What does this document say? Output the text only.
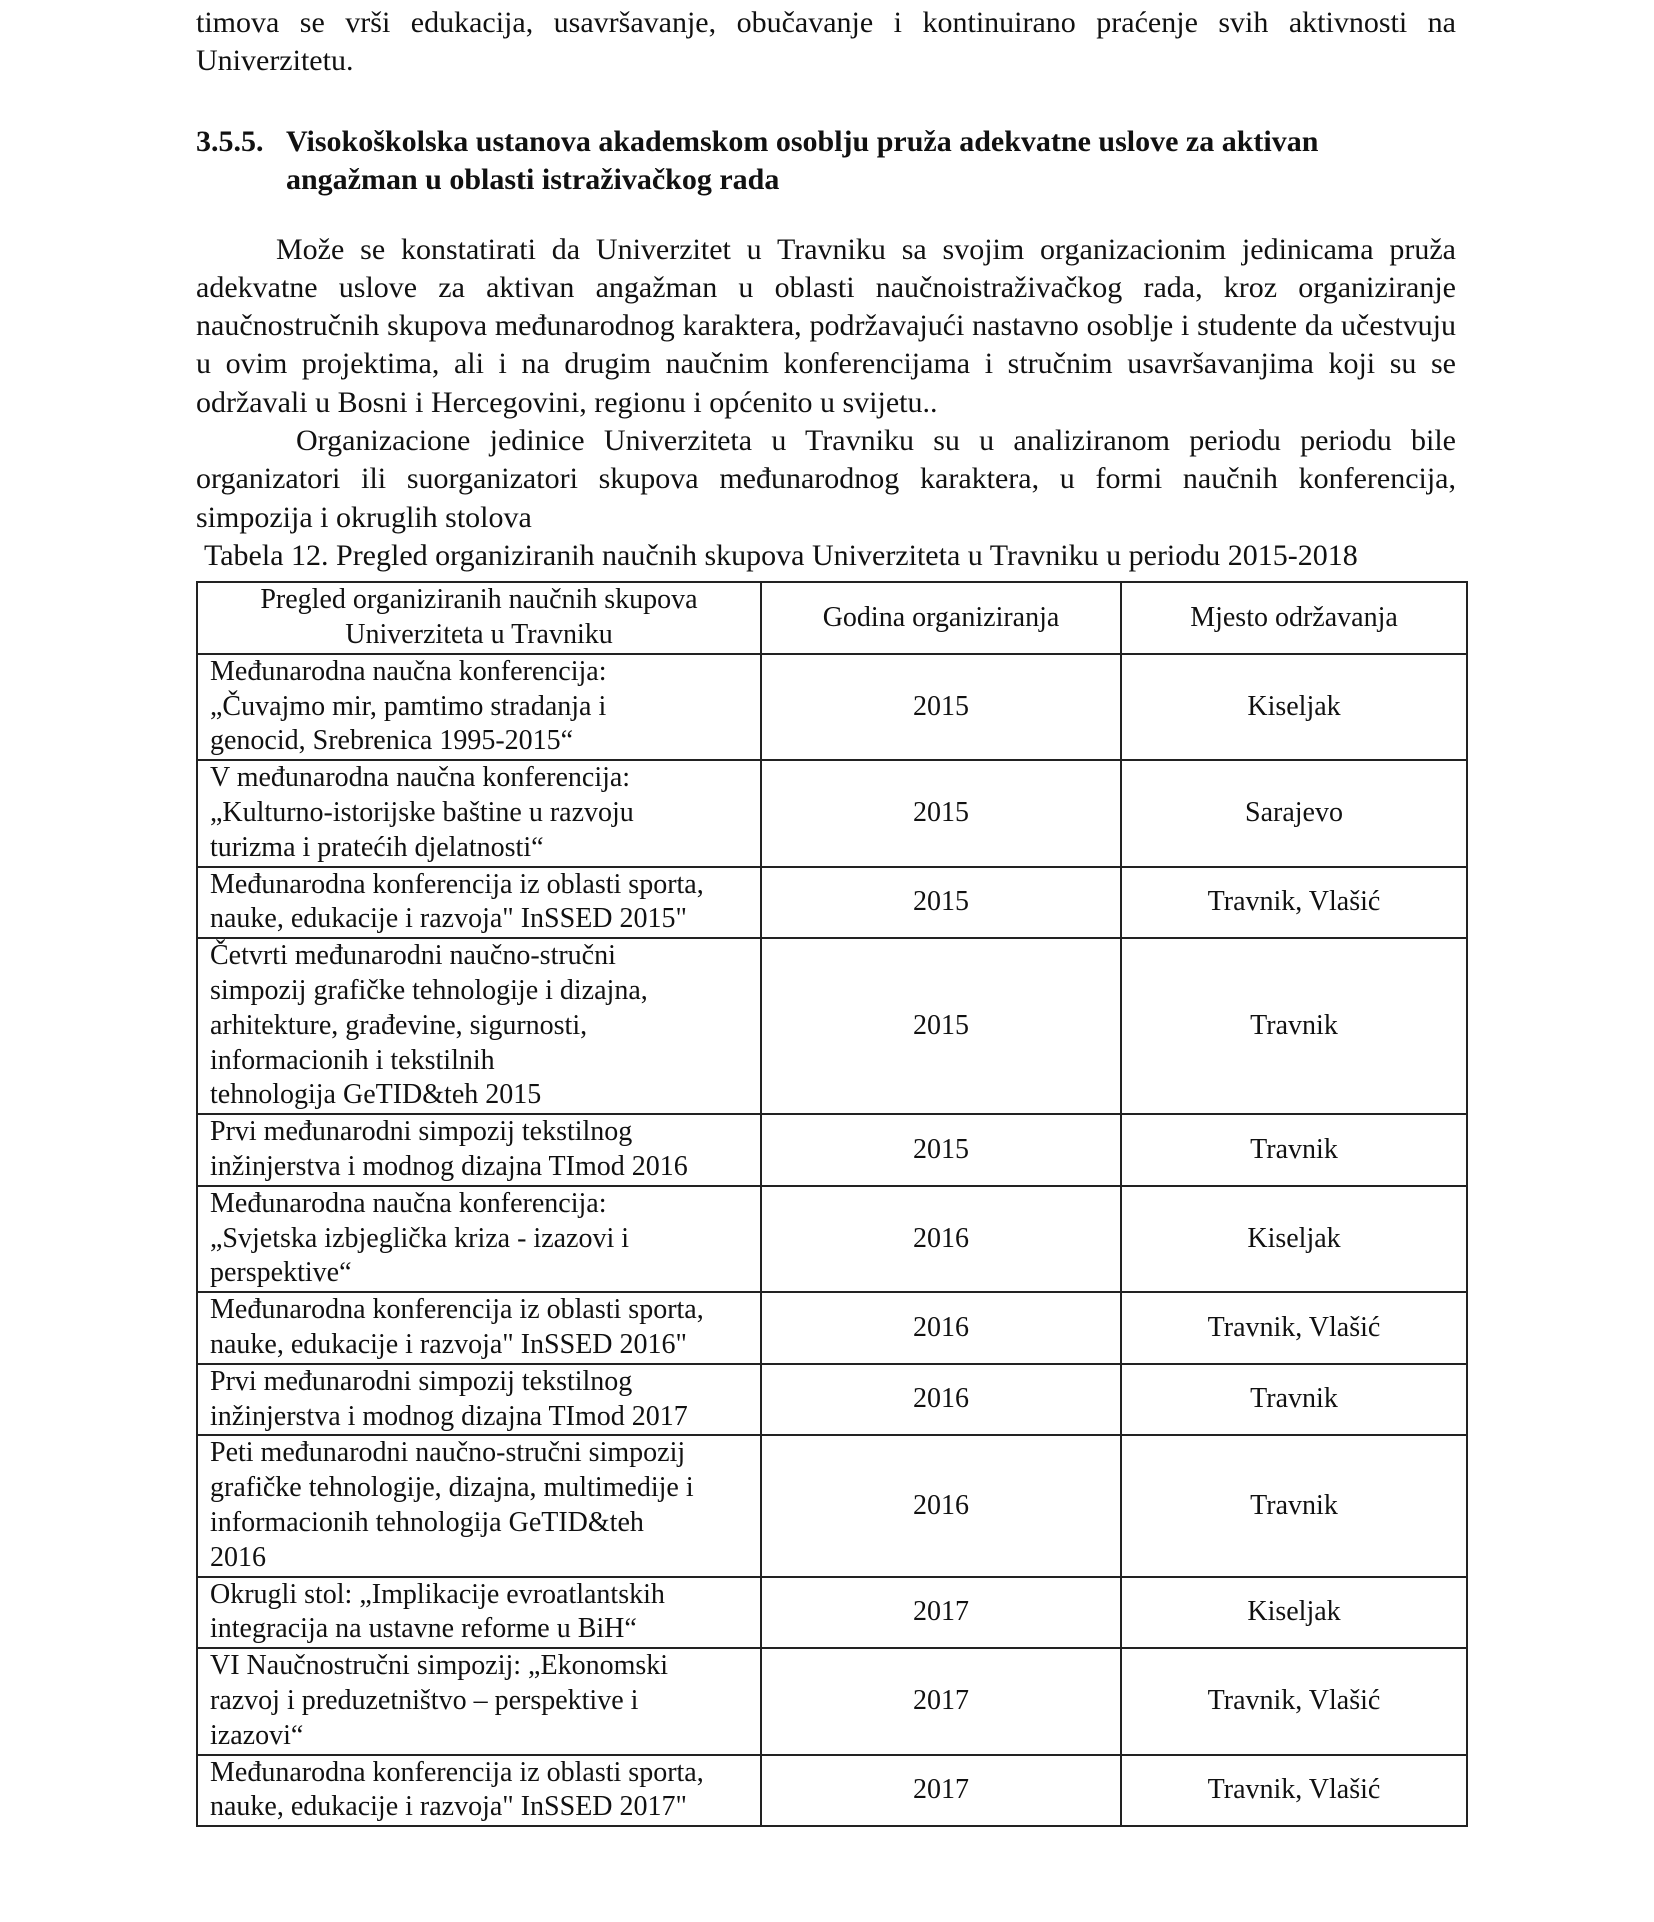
timova se vrši edukacija, usavršavanje, obučavanje i kontinuirano praćenje svih aktivnosti na Univerzitetu.

3.5.5. Visokoškolska ustanova akademskom osoblju pruža adekvatne uslove za aktivan angažman u oblasti istraživačkog rada

Može se konstatirati da Univerzitet u Travniku sa svojim organizacionim jedinicama pruža adekvatne uslove za aktivan angažman u oblasti naučnoistraživačkog rada, kroz organiziranje naučnostručnih skupova međunarodnog karaktera, podržavajući nastavno osoblje i studente da učestvuju u ovim projektima, ali i na drugim naučnim konferencijama i stručnim usavršavanjima koji su se održavali u Bosni i Hercegovini, regionu i općenito u svijetu..

Organizacione jedinice Univerziteta u Travniku su u analiziranom periodu periodu bile organizatori ili suorganizatori skupova međunarodnog karaktera, u formi naučnih konferencija, simpozija i okruglih stolova

Tabela 12. Pregled organiziranih naučnih skupova Univerziteta u Travniku u periodu 2015-2018

Pregled organiziranih naučnih skupova Univerziteta u Travniku	Godina organiziranja	Mjesto održavanja

Međunarodna naučna konferencija:
„Čuvajmo mir, pamtimo stradanja i
genocid, Srebrenica 1995-2015“	2015	Kiseljak

V međunarodna naučna konferencija:
„Kulturno-istorijske baštine u razvoju
turizma i pratećih djelatnosti“	2015	Sarajevo

Međunarodna konferencija iz oblasti sporta,
nauke, edukacije i razvoja" InSSED 2015"	2015	Travnik, Vlašić

Četvrti međunarodni naučno-stručni
simpozij grafičke tehnologije i dizajna,
arhitekture, građevine, sigurnosti,
informacionih i tekstilnih
tehnologija GeTID&teh 2015	2015	Travnik

Prvi međunarodni simpozij tekstilnog
inžinjerstva i modnog dizajna TImod 2016	2015	Travnik

Međunarodna naučna konferencija:
„Svjetska izbjeglička kriza - izazovi i
perspektive“	2016	Kiseljak

Međunarodna konferencija iz oblasti sporta,
nauke, edukacije i razvoja" InSSED 2016"	2016	Travnik, Vlašić

Prvi međunarodni simpozij tekstilnog
inžinjerstva i modnog dizajna TImod 2017	2016	Travnik

Peti međunarodni naučno-stručni simpozij
grafičke tehnologije, dizajna, multimedije i
informacionih tehnologija GeTID&teh
2016	2016	Travnik

Okrugli stol: „Implikacije evroatlantskih
integracija na ustavne reforme u BiH“	2017	Kiseljak

VI Naučnostručni simpozij: „Ekonomski
razvoj i preduzetništvo – perspektive i
izazovi“	2017	Travnik, Vlašić

Međunarodna konferencija iz oblasti sporta,
nauke, edukacije i razvoja" InSSED 2017"	2017	Travnik, Vlašić
